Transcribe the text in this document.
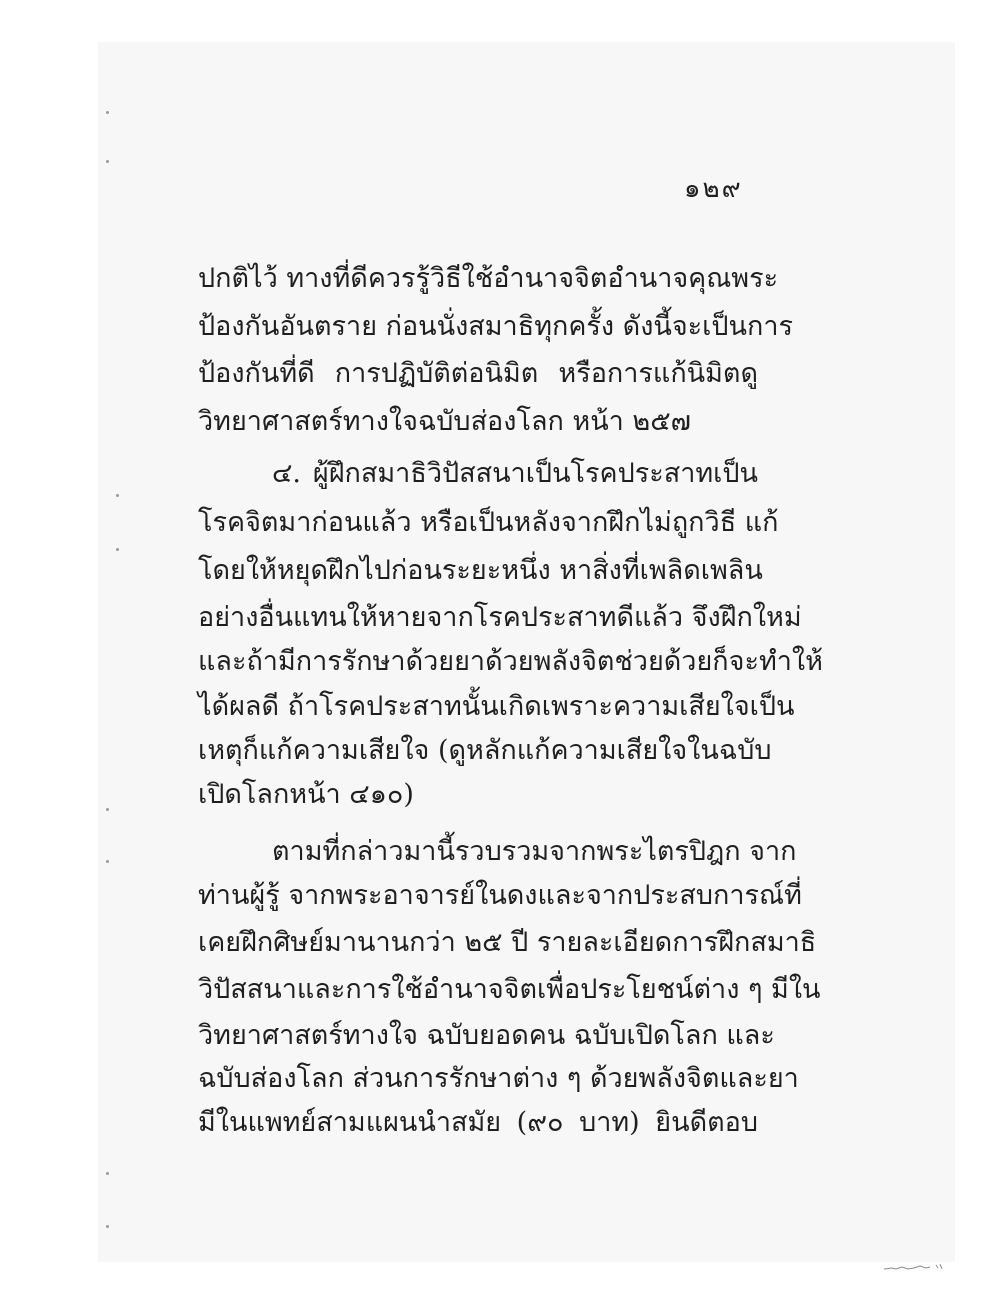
๑๒๙
ปกติไว้ ทางที่ดีควรรู้วิธีใช้อำนาจจิตอำนาจคุณพระ
ป้องกันอันตราย ก่อนนั่งสมาธิทุกครั้ง ดังนี้จะเป็นการ
ป้องกันที่ดี การปฏิบัติต่อนิมิต หรือการแก้นิมิตดู
วิทยาศาสตร์ทางใจฉบับส่องโลก หน้า ๒๕๗
๔. ผู้ฝึกสมาธิวิปัสสนาเป็นโรคประสาทเป็น
โรคจิตมาก่อนแล้ว หรือเป็นหลังจากฝึกไม่ถูกวิธี แก้
โดยให้หยุดฝึกไปก่อนระยะหนึ่ง หาสิ่งที่เพลิดเพลิน
อย่างอื่นแทนให้หายจากโรคประสาทดีแล้ว จึงฝึกใหม่
และถ้ามีการรักษาด้วยยาด้วยพลังจิตช่วยด้วยก็จะทำให้
ได้ผลดี ถ้าโรคประสาทนั้นเกิดเพราะความเสียใจเป็น
เหตุก็แก้ความเสียใจ (ดูหลักแก้ความเสียใจในฉบับ
เปิดโลกหน้า ๔๑๐)
ตามที่กล่าวมานี้รวบรวมจากพระไตรปิฎก จาก
ท่านผู้รู้ จากพระอาจารย์ในดงและจากประสบการณ์ที่
เคยฝึกศิษย์มานานกว่า ๒๕ ปี รายละเอียดการฝึกสมาธิ
วิปัสสนาและการใช้อำนาจจิตเพื่อประโยชน์ต่าง ๆ มีใน
วิทยาศาสตร์ทางใจ ฉบับยอดคน ฉบับเปิดโลก และ
ฉบับส่องโลก ส่วนการรักษาต่าง ๆ ด้วยพลังจิตและยา
มีในแพทย์สามแผนนำสมัย (๙๐ บาท) ยินดีตอบ
